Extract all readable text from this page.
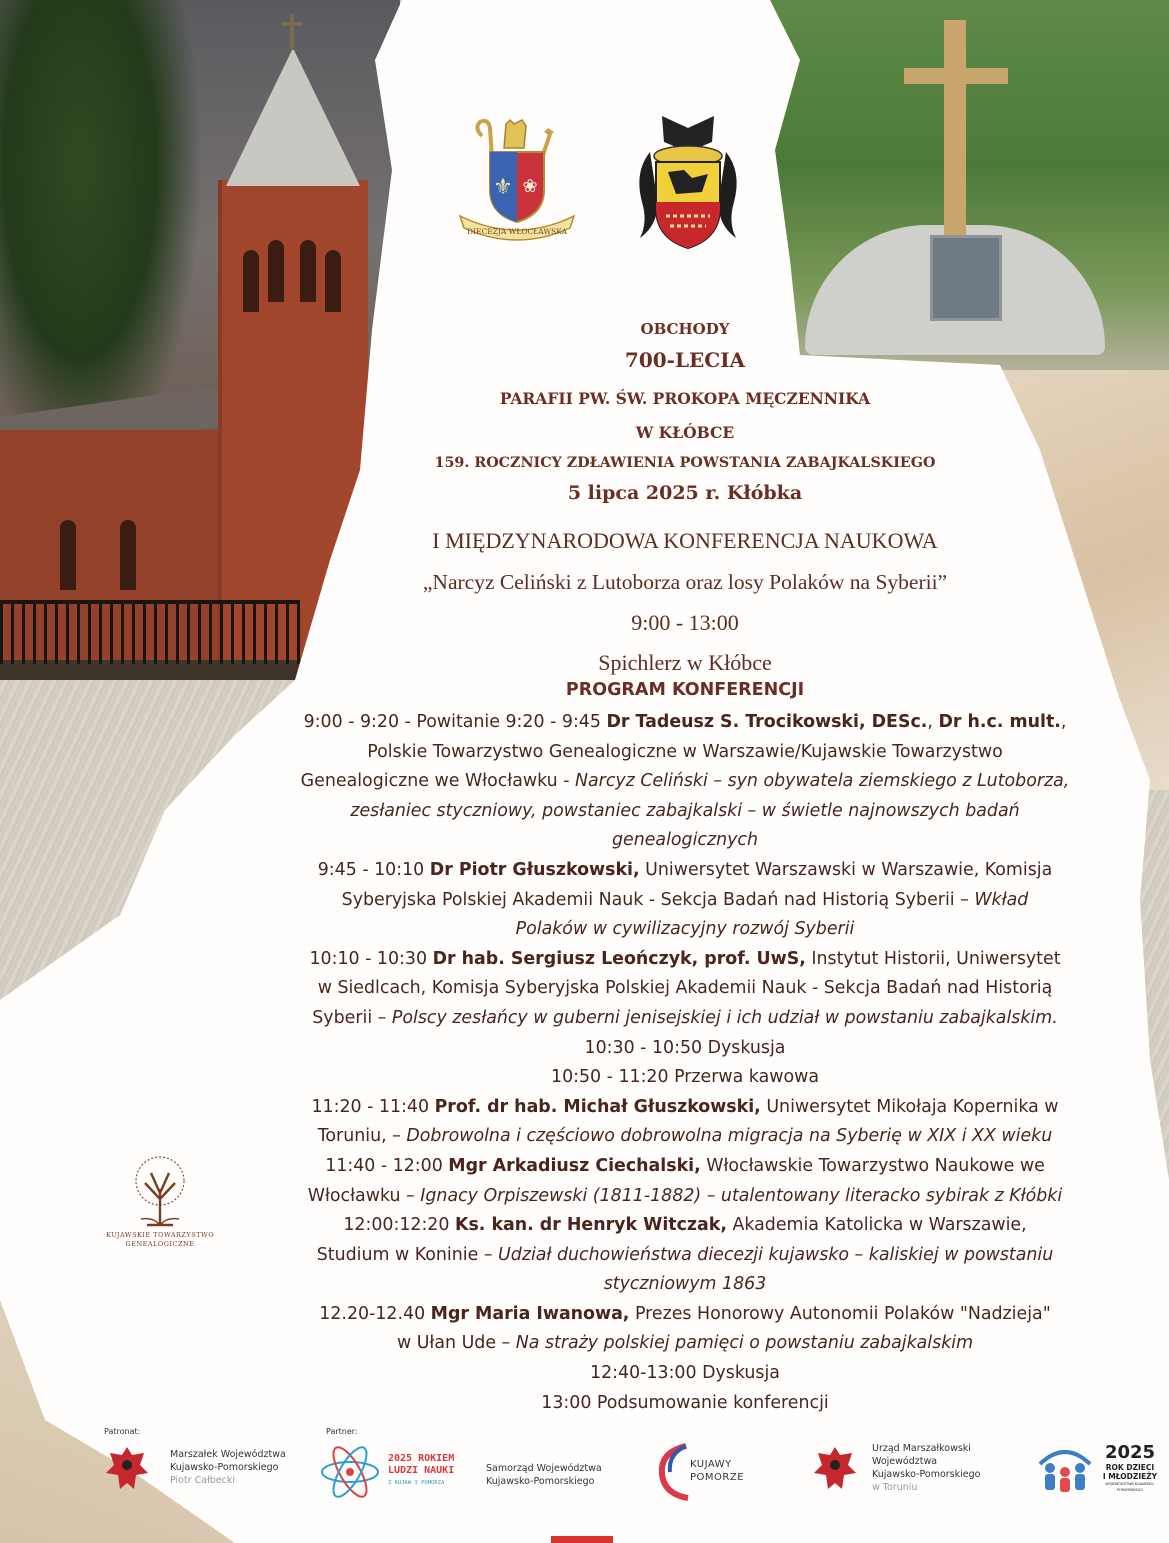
⚜ ❀
DIECEZJA WŁOCŁAWSKA
OBCHODY
700-LECIA
PARAFII PW. ŚW. PROKOPA MĘCZENNIKA
W KŁÓBCE
159. ROCZNICY ZDŁAWIENIA POWSTANIA ZABAJKALSKIEGO
5 lipca 2025 r. Kłóbka
I MIĘDZYNARODOWA KONFERENCJA NAUKOWA
„Narcyz Celiński z Lutoborza oraz losy Polaków na Syberii”
9:00 - 13:00
Spichlerz w Kłóbce
PROGRAM KONFERENCJI
9:00 - 9:20 - Powitanie 9:20 - 9:45 Dr Tadeusz S. Trocikowski, DESc., Dr h.c. mult.,
Polskie Towarzystwo Genealogiczne w Warszawie/Kujawskie Towarzystwo
Genealogiczne we Włocławku - Narcyz Celiński – syn obywatela ziemskiego z Lutoborza,
zesłaniec styczniowy, powstaniec zabajkalski – w świetle najnowszych badań
genealogicznych
9:45 - 10:10 Dr Piotr Głuszkowski, Uniwersytet Warszawski w Warszawie, Komisja
Syberyjska Polskiej Akademii Nauk - Sekcja Badań nad Historią Syberii – Wkład
Polaków w cywilizacyjny rozwój Syberii
10:10 - 10:30 Dr hab. Sergiusz Leończyk, prof. UwS, Instytut Historii, Uniwersytet
w Siedlcach, Komisja Syberyjska Polskiej Akademii Nauk - Sekcja Badań nad Historią
Syberii – Polscy zesłańcy w guberni jenisejskiej i ich udział w powstaniu zabajkalskim.
10:30 - 10:50 Dyskusja
10:50 - 11:20 Przerwa kawowa
11:20 - 11:40 Prof. dr hab. Michał Głuszkowski, Uniwersytet Mikołaja Kopernika w
Toruniu, – Dobrowolna i częściowo dobrowolna migracja na Syberię w XIX i XX wieku
11:40 - 12:00 Mgr Arkadiusz Ciechalski, Włocławskie Towarzystwo Naukowe we
Włocławku – Ignacy Orpiszewski (1811-1882) – utalentowany literacko sybirak z Kłóbki
12:00:12:20 Ks. kan. dr Henryk Witczak, Akademia Katolicka w Warszawie,
Studium w Koninie – Udział duchowieństwa diecezji kujawsko – kaliskiej w powstaniu
styczniowym 1863
12.20-12.40 Mgr Maria Iwanowa, Prezes Honorowy Autonomii Polaków "Nadzieja"
w Ułan Ude – Na straży polskiej pamięci o powstaniu zabajkalskim
12:40-13:00 Dyskusja
13:00 Podsumowanie konferencji
KUJAWSKIE TOWARZYSTWO
GENEALOGICZNE
Patronat:	Partner:
Marszałek Województwa
Kujawsko-Pomorskiego
Piotr Całbecki
2025 ROKIEM
LUDZI NAUKI
Z KUJAW I POMORZA
Samorząd Województwa
Kujawsko-Pomorskiego
KUJAWY
POMORZE
Urząd Marszałkowski
Województwa
Kujawsko-Pomorskiego
w Toruniu
2025
ROK DZIECI
I MŁODZIEŻY
WOJEWÓDZTWA KUJAWSKO-POMORSKIEGO
